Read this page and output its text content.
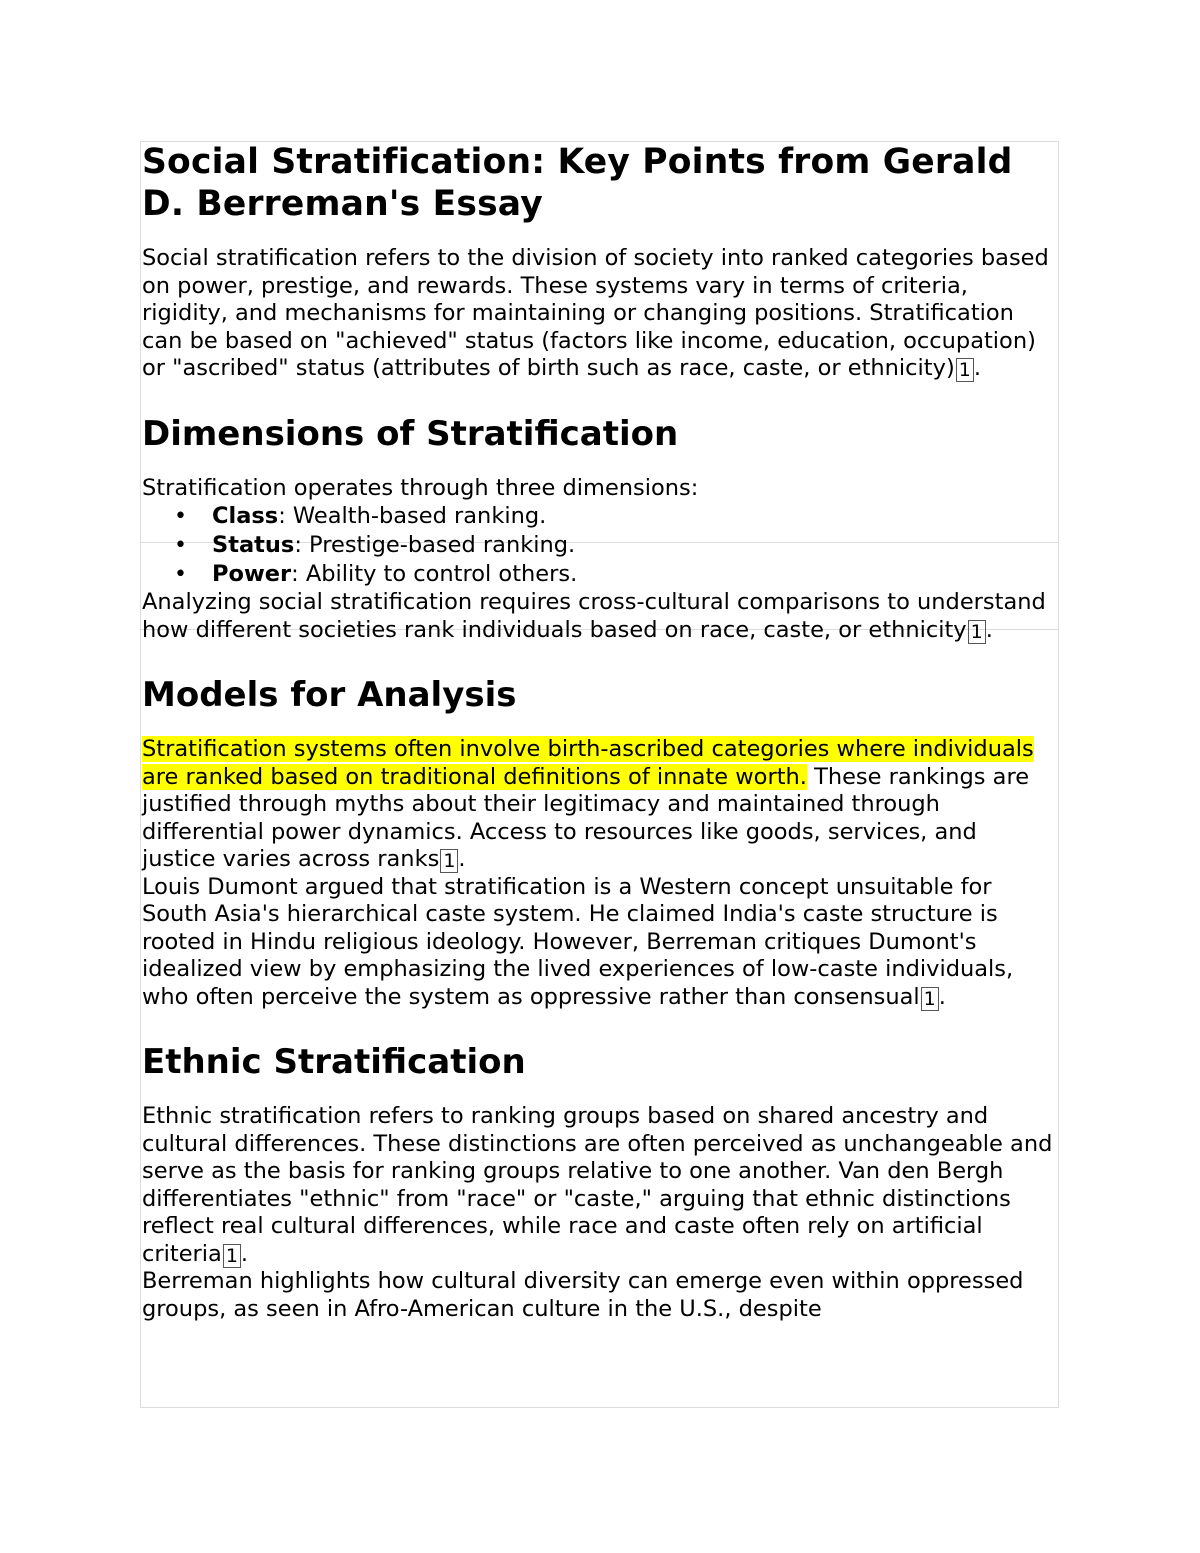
Social Stratification: Key Points from Gerald D. Berreman's Essay

Social stratification refers to the division of society into ranked categories based on power, prestige, and rewards. These systems vary in terms of criteria, rigidity, and mechanisms for maintaining or changing positions. Stratification can be based on "achieved" status (factors like income, education, occupation) or "ascribed" status (attributes of birth such as race, caste, or ethnicity) 1 .

Dimensions of Stratification

Stratification operates through three dimensions:

• Class: Wealth-based ranking.
• Status: Prestige-based ranking.
• Power: Ability to control others.

Analyzing social stratification requires cross-cultural comparisons to understand how different societies rank individuals based on race, caste, or ethnicity 1 .

Models for Analysis

Stratification systems often involve birth-ascribed categories where individuals are ranked based on traditional definitions of innate worth. These rankings are justified through myths about their legitimacy and maintained through differential power dynamics. Access to resources like goods, services, and justice varies across ranks 1 .

Louis Dumont argued that stratification is a Western concept unsuitable for South Asia's hierarchical caste system. He claimed India's caste structure is rooted in Hindu religious ideology. However, Berreman critiques Dumont's idealized view by emphasizing the lived experiences of low-caste individuals, who often perceive the system as oppressive rather than consensual 1 .

Ethnic Stratification

Ethnic stratification refers to ranking groups based on shared ancestry and cultural differences. These distinctions are often perceived as unchangeable and serve as the basis for ranking groups relative to one another. Van den Bergh differentiates "ethnic" from "race" or "caste," arguing that ethnic distinctions reflect real cultural differences, while race and caste often rely on artificial criteria 1 .

Berreman highlights how cultural diversity can emerge even within oppressed groups, as seen in Afro-American culture in the U.S., despite
